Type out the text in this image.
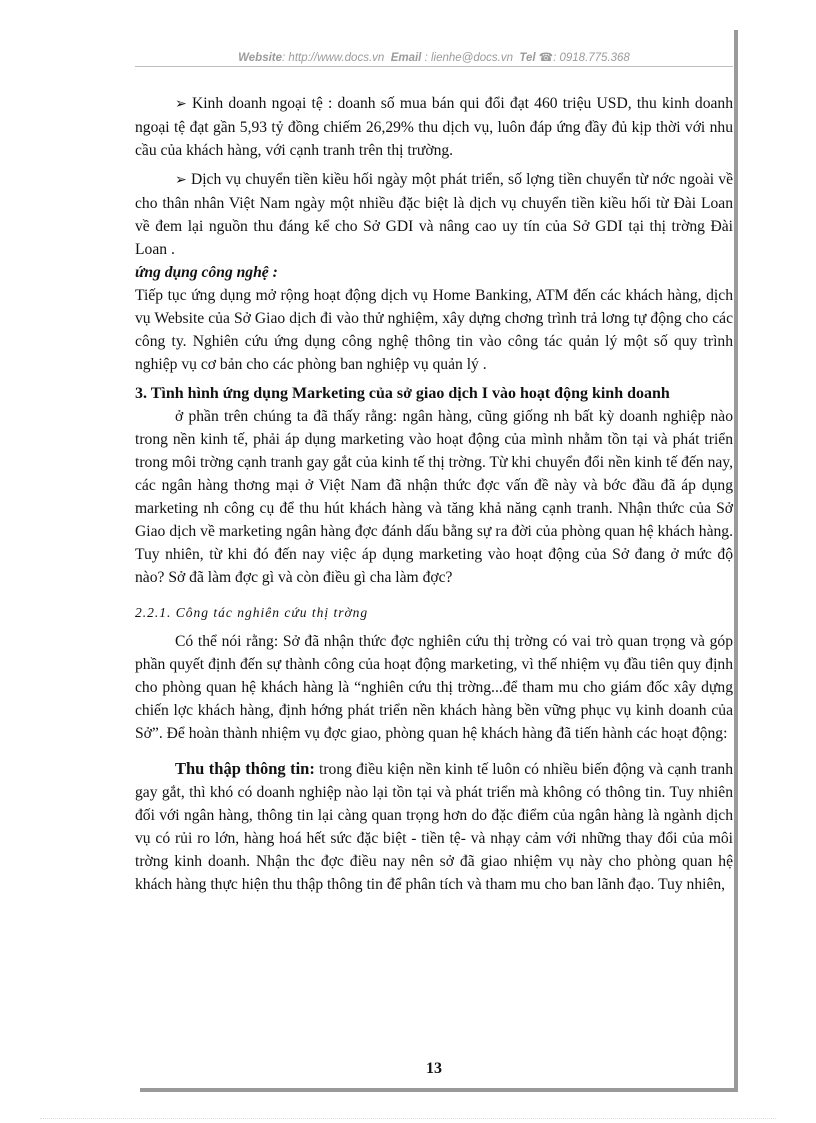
Website: http://www.docs.vn Email : lienhe@docs.vn Tel ☎: 0918.775.368

➢ Kinh doanh ngoại tệ : doanh số mua bán qui đổi đạt 460 triệu USD, thu kinh doanh ngoại tệ đạt gần 5,93 tỷ đồng chiếm 26,29% thu dịch vụ, luôn đáp ứng đầy đủ kịp thời với nhu cầu của khách hàng, với cạnh tranh trên thị trường.

➢ Dịch vụ chuyển tiền kiều hối ngày một phát triển, số lợng tiền chuyển từ nớc ngoài về cho thân nhân Việt Nam ngày một nhiều đặc biệt là dịch vụ chuyển tiền kiều hối từ Đài Loan về đem lại nguồn thu đáng kể cho Sở GDI và nâng cao uy tín của Sở GDI tại thị trờng Đài Loan .

ứng dụng công nghệ :

Tiếp tục ứng dụng mở rộng hoạt động dịch vụ Home Banking, ATM đến các khách hàng, dịch vụ Website của Sở Giao dịch đi vào thử nghiệm, xây dựng chơng trình trả lơng tự động cho các công ty. Nghiên cứu ứng dụng công nghệ thông tin vào công tác quản lý một số quy trình nghiệp vụ cơ bản cho các phòng ban nghiệp vụ quản lý .

3. Tình hình ứng dụng Marketing của sở giao dịch I vào hoạt động kinh doanh

ở phần trên chúng ta đã thấy rằng: ngân hàng, cũng giống nh bất kỳ doanh nghiệp nào trong nền kinh tế, phải áp dụng marketing vào hoạt động của mình nhằm tồn tại và phát triển trong môi trờng cạnh tranh gay gắt của kinh tế thị trờng. Từ khi chuyển đổi nền kinh tế đến nay, các ngân hàng thơng mại ở Việt Nam đã nhận thức đợc vấn đề này và bớc đầu đã áp dụng marketing nh công cụ để thu hút khách hàng và tăng khả năng cạnh tranh. Nhận thức của Sở Giao dịch về marketing ngân hàng đợc đánh dấu bằng sự ra đời của phòng quan hệ khách hàng. Tuy nhiên, từ khi đó đến nay việc áp dụng marketing vào hoạt động của Sở đang ở mức độ nào? Sở đã làm đợc gì và còn điều gì cha làm đợc?

2.2.1. Công tác nghiên cứu thị trờng

Có thể nói rằng: Sở đã nhận thức đợc nghiên cứu thị trờng có vai trò quan trọng và góp phần quyết định đến sự thành công của hoạt động marketing, vì thế nhiệm vụ đầu tiên quy định cho phòng quan hệ khách hàng là “nghiên cứu thị trờng...để tham mu cho giám đốc xây dựng chiến lợc khách hàng, định hớng phát triển nền khách hàng bền vững phục vụ kinh doanh của Sở”. Để hoàn thành nhiệm vụ đợc giao, phòng quan hệ khách hàng đã tiến hành các hoạt động:

Thu thập thông tin: trong điều kiện nền kinh tế luôn có nhiều biến động và cạnh tranh gay gắt, thì khó có doanh nghiệp nào lại tồn tại và phát triển mà không có thông tin. Tuy nhiên đối với ngân hàng, thông tin lại càng quan trọng hơn do đặc điểm của ngân hàng là ngành dịch vụ có rủi ro lớn, hàng hoá hết sức đặc biệt - tiền tệ- và nhạy cảm với những thay đổi của môi trờng kinh doanh. Nhận thc đợc điều nay nên sở đã giao nhiệm vụ này cho phòng quan hệ khách hàng thực hiện thu thập thông tin để phân tích và tham mu cho ban lãnh đạo. Tuy nhiên,

13
